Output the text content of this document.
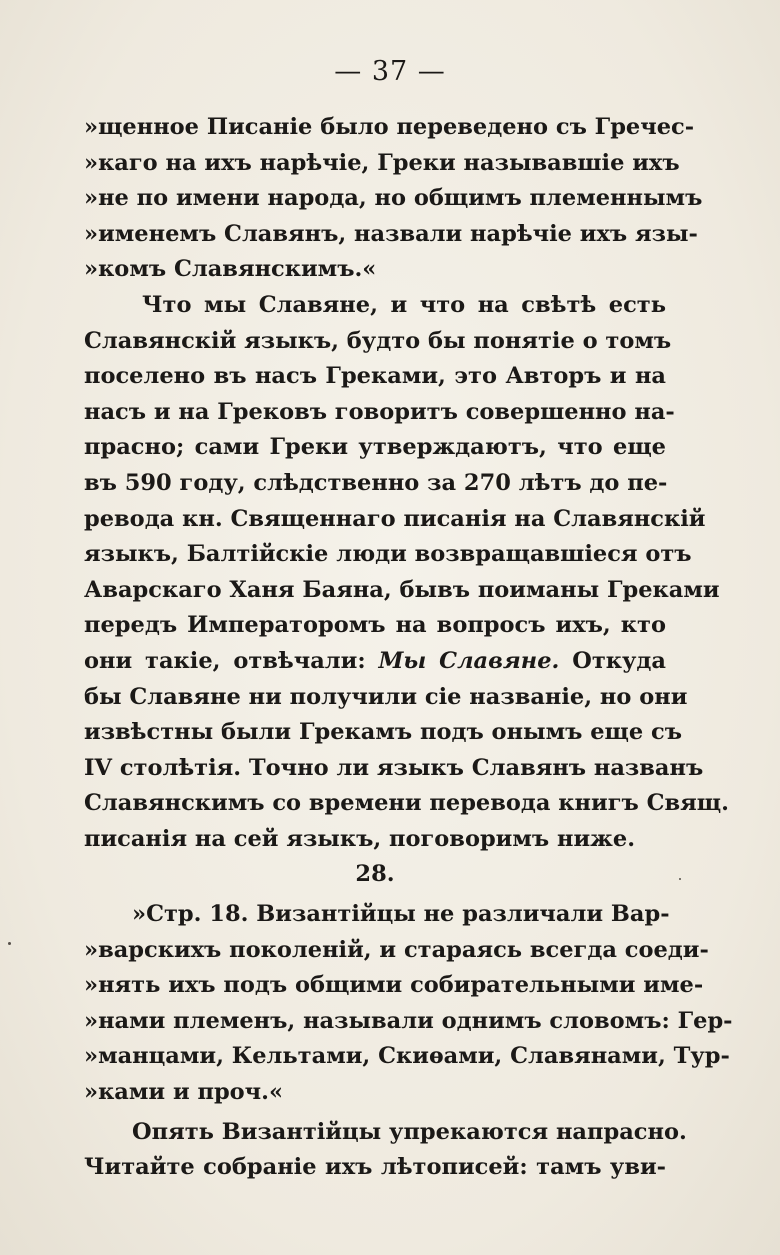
— 37 —
»щенное Писаніе было переведено съ Гречес-
»каго на ихъ нарѣчіе, Греки называвшіе ихъ
»не по имени народа, но общимъ племеннымъ
»именемъ Славянъ, назвали нарѣчіе ихъ язы-
»комъ Славянскимъ.«
Что мы Славяне, и что на свѣтѣ есть
Славянскій языкъ, будто бы понятіе о томъ
поселено въ насъ Греками, это Авторъ и на
насъ и на Грековъ говоритъ совершенно на-
прасно; сами Греки утверждаютъ, что еще
въ 590 году, слѣдственно за 270 лѣтъ до пе-
ревода кн. Священнаго писанія на Славянскій
языкъ, Балтійскіе люди возвращавшіеся отъ
Аварскаго Ханя Баяна, бывъ поиманы Греками
передъ Императоромъ на вопросъ ихъ, кто
они такіе, отвѣчали: Мы Славяне. Откуда
бы Славяне ни получили сіе названіе, но они
извѣстны были Грекамъ подъ онымъ еще съ
IV столѣтія. Точно ли языкъ Славянъ названъ
Славянскимъ со времени перевода книгъ Свящ.
писанія на сей языкъ, поговоримъ ниже.
28.
»Стр. 18. Византійцы не различали Вар-
»варскихъ поколеній, и стараясь всегда соеди-
»нять ихъ подъ общими собирательными име-
»нами племенъ, называли однимъ словомъ: Гер-
»манцами, Кельтами, Скиѳами, Славянами, Тур-
»ками и проч.«
Опять Византійцы упрекаются напрасно.
Читайте собраніе ихъ лѣтописей: тамъ уви-
